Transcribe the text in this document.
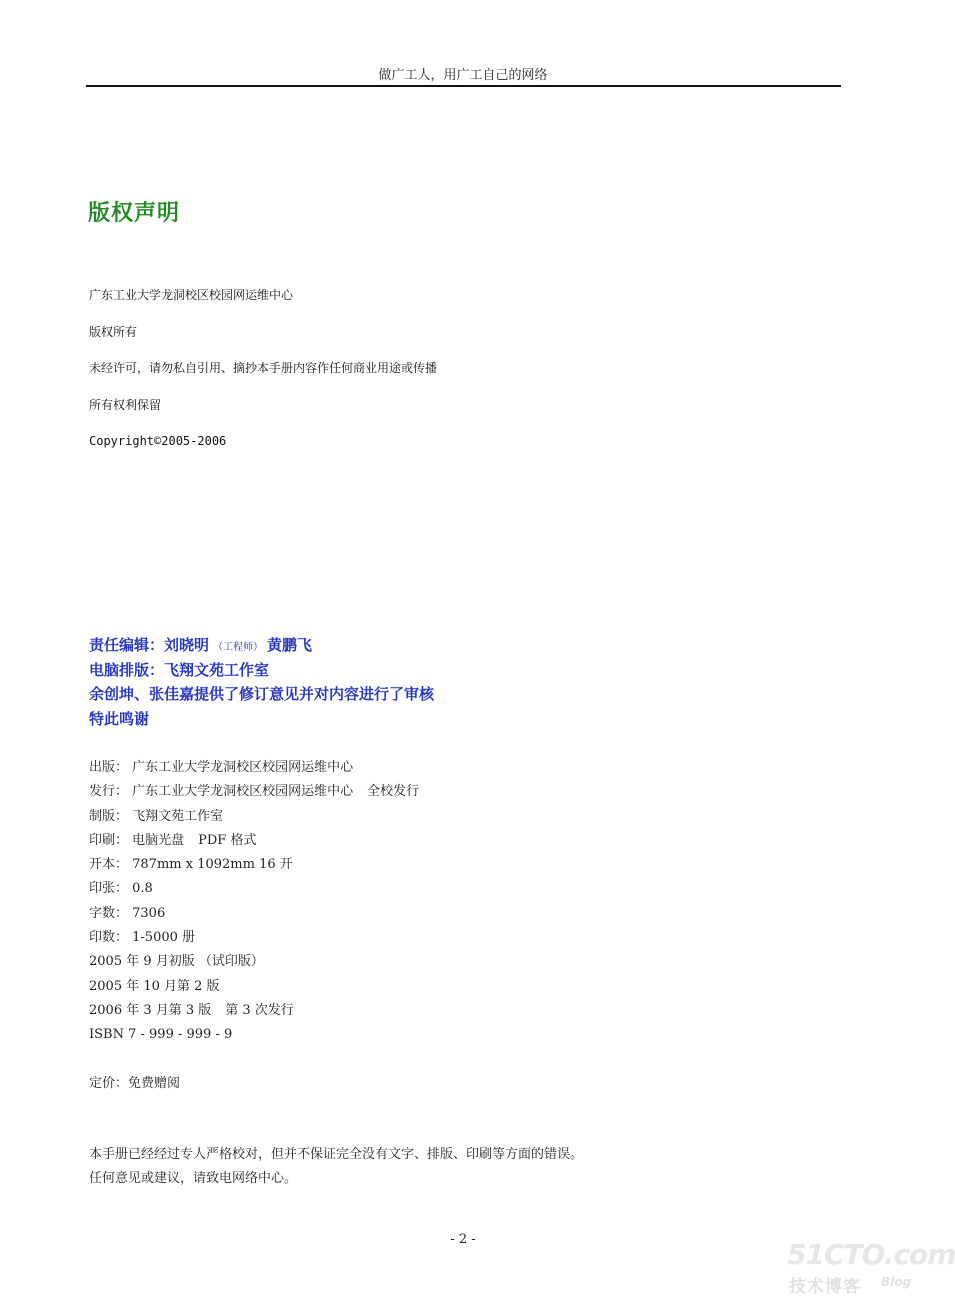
做广工人，用广工自己的网络
版权声明
广东工业大学龙洞校区校园网运维中心
版权所有
未经许可，请勿私自引用、摘抄本手册内容作任何商业用途或传播
所有权利保留
Copyright©2005-2006
责任编辑：刘晓明 （工程师） 黄鹏飞
电脑排版：飞翔文苑工作室
余创坤、张佳嘉提供了修订意见并对内容进行了审核
特此鸣谢
出版： 广东工业大学龙洞校区校园网运维中心
发行： 广东工业大学龙洞校区校园网运维中心 全校发行
制版： 飞翔文苑工作室
印刷： 电脑光盘 PDF 格式
开本： 787mm x 1092mm 16 开
印张： 0.8
字数： 7306
印数： 1-5000 册
2005 年 9 月初版 （试印版）
2005 年 10 月第 2 版
2006 年 3 月第 3 版 第 3 次发行
ISBN 7 - 999 - 999 - 9
定价：免费赠阅
本手册已经经过专人严格校对，但并不保证完全没有文字、排版、印刷等方面的错误。
任何意见或建议，请致电网络中心。
- 2 -	51CTO.com
技术博客 Blog
